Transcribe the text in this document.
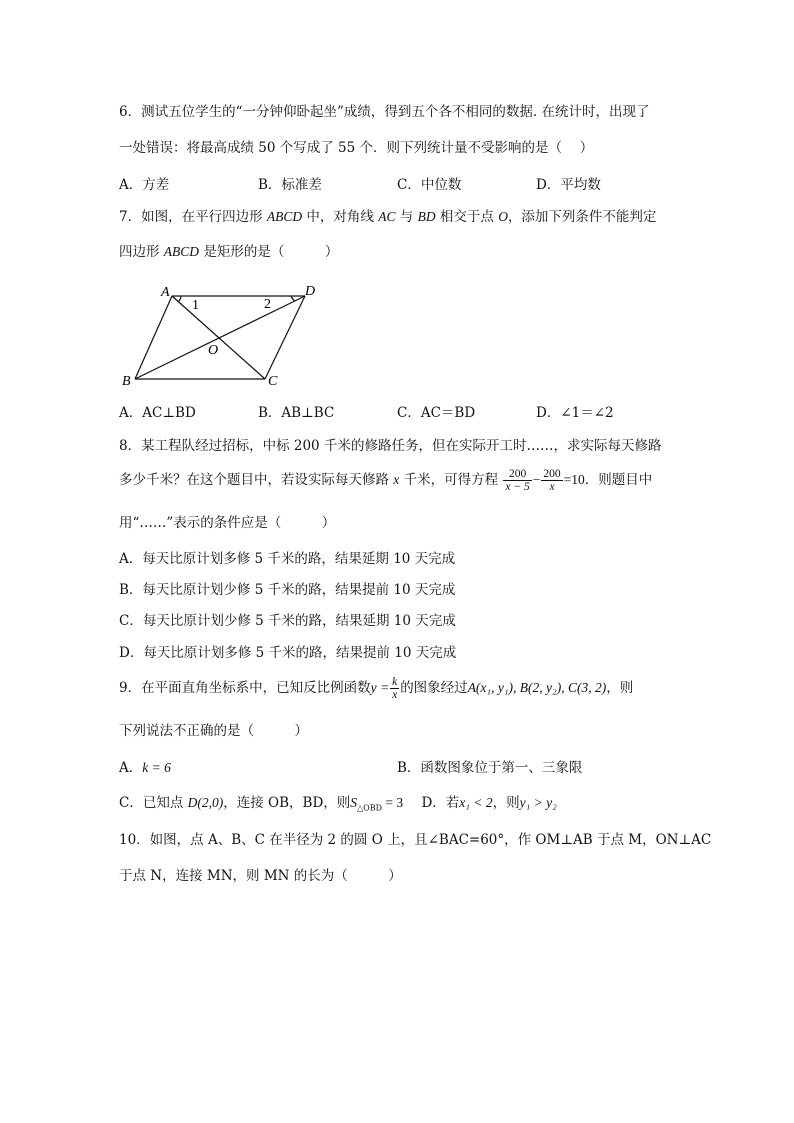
6．测试五位学生的“一分钟仰卧起坐”成绩，得到五个各不相同的数据. 在统计时，出现了
一处错误：将最高成绩 50 个写成了 55 个．则下列统计量不受影响的是（　 ）
A．方差	B．标准差	C．中位数	D．平均数
7．如图，在平行四边形 ABCD 中，对角线 AC 与 BD 相交于点 O，添加下列条件不能判定
四边形 ABCD 是矩形的是（　　　）
A	D
B	C
O
1	2
A．AC⊥BD	B．AB⊥BC	C．AC＝BD	D．∠1＝∠2
8．某工程队经过招标，中标 200 千米的修路任务，但在实际开工时……，求实际每天修路
多少千米？在这个题目中，若设实际每天修路 x 千米，可得方程 $\frac{200}{x - 5} - \frac{200}{x} =10$．则题目中
用“……”表示的条件应是（　　　）
A．每天比原计划多修 5 千米的路，结果延期 10 天完成
B．每天比原计划少修 5 千米的路，结果提前 10 天完成
C．每天比原计划少修 5 千米的路，结果延期 10 天完成
D．每天比原计划多修 5 千米的路，结果提前 10 天完成
9．在平面直角坐标系中，已知反比例函数$y = \frac{k}{x}$ 的图象经过A(x₁, y₁), B(2, y₂), C(3, 2)，则
下列说法不正确的是（　　　）
A．k = 6	B．函数图象位于第一、三象限
C．已知点 D(2,0)，连接 OB，BD，则$S_{\triangle OBD} = 3$ D．若x₁ < 2，则y₁ > y₂
10．如图，点 A、B、C 在半径为 2 的圆 O 上，且∠BAC=60°，作 OM⊥AB 于点 M，ON⊥AC
于点 N，连接 MN，则 MN 的长为（　　　）
